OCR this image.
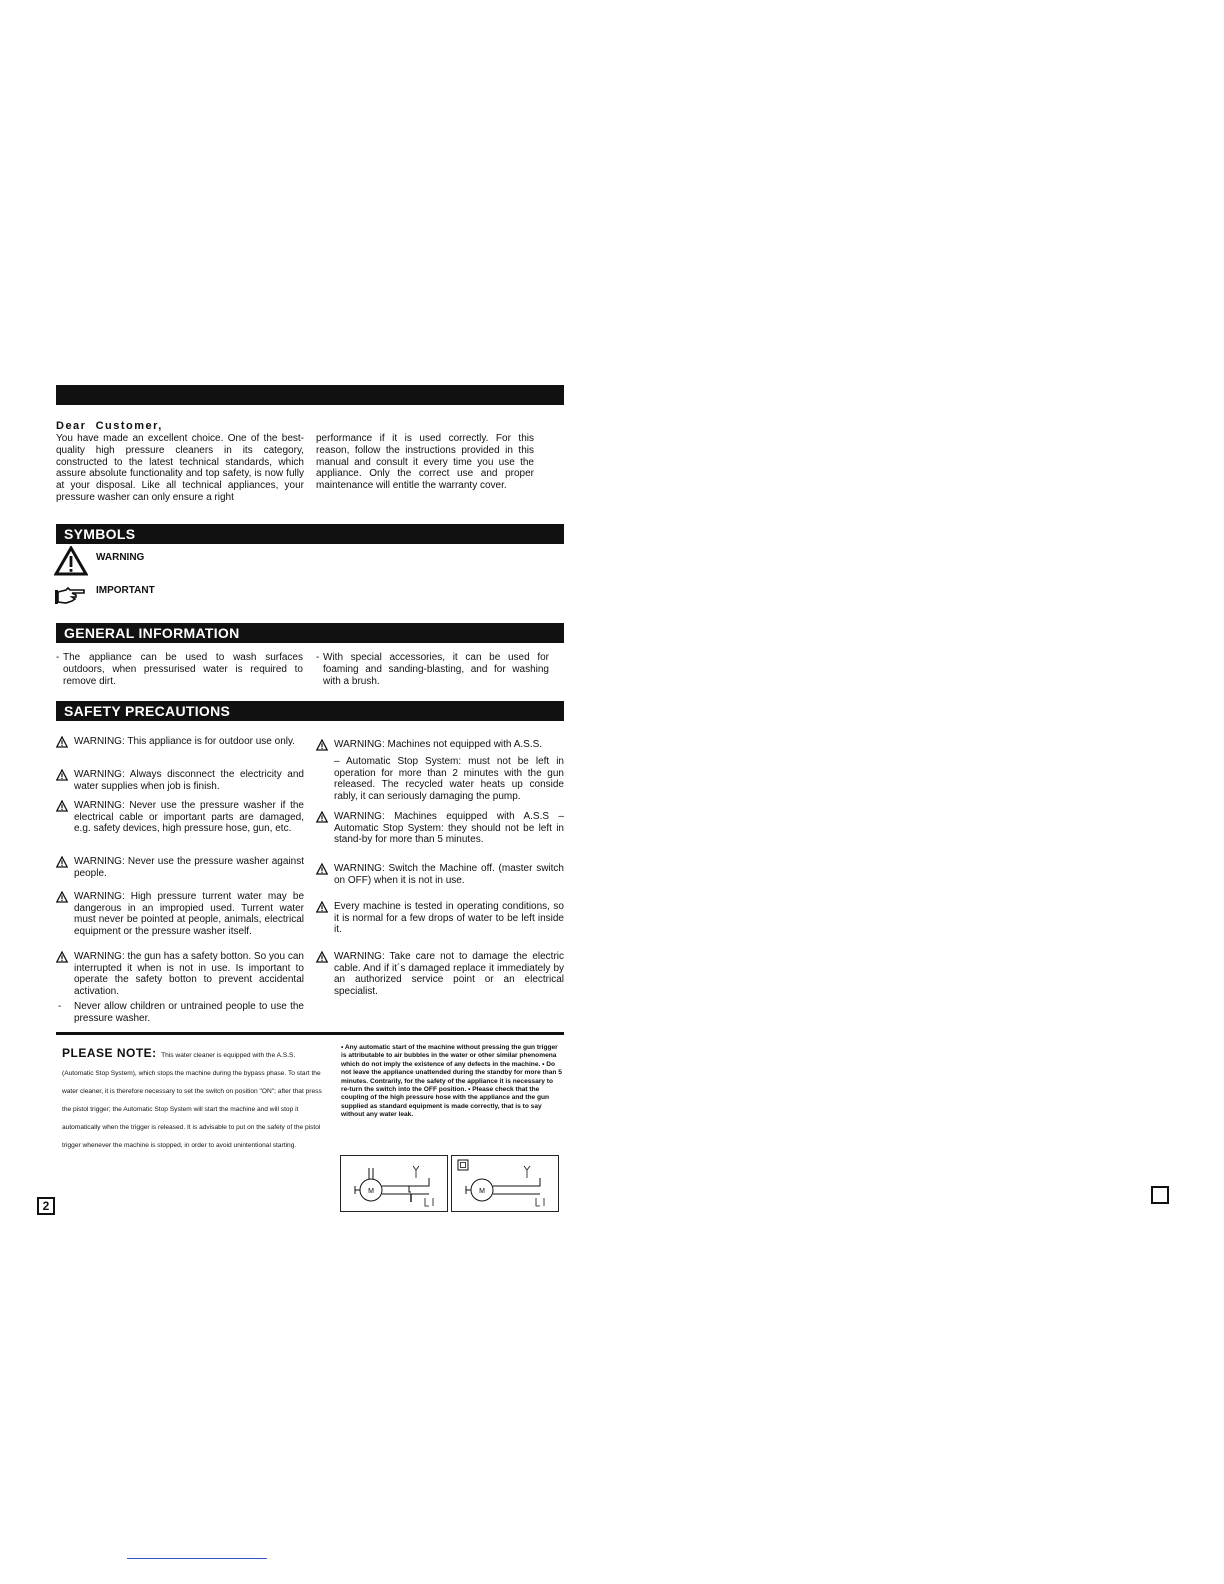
Dear  Customer,
You have made an excellent choice. One of the best-quality high pressure cleaners in its category, constructed to the latest technical standards, which assure absolute functionality and top safety, is now fully at your disposal. Like all technical appliances, your pressure washer can only ensure a right
performance if it is used correctly. For this reason, follow the instructions provided in this manual and consult it every time you use the appliance. Only the correct use and proper maintenance will entitle the warranty cover.
SYMBOLS
WARNING
IMPORTANT
GENERAL INFORMATION
- The appliance can be used to wash surfaces outdoors, when pressurised water is required to remove dirt.
- With special accessories, it can be used for foaming and sanding-blasting, and for washing with a brush.
SAFETY PRECAUTIONS
WARNING: This appliance is for outdoor use only.
WARNING: Always disconnect the electricity and water supplies when job is finish.
WARNING: Never use the pressure washer if the electrical cable or important parts are damaged, e.g. safety devices, high pressure hose, gun, etc.
WARNING: Never use the pressure washer against people.
WARNING: High pressure turrent water may be dangerous in an impropied used. Turrent water must never be pointed at people, animals, electrical equipment or the pressure washer itself.
WARNING: the gun has a safety botton. So you can interrupted it when is not in use. Is important to operate the safety botton to prevent accidental activation.
- Never allow children or untrained people to use the pressure washer.
WARNING: Machines not equipped with A.S.S.
– Automatic Stop System: must not be left in operation for more than 2 minutes with the gun released. The recycled water heats up conside rably, it can seriously damaging the pump.
WARNING: Machines equipped with A.S.S – Automatic Stop System: they should not be left in stand-by for more than 5 minutes.
WARNING: Switch the Machine off. (master switch on OFF) when it is not in use.
Every machine is tested in operating conditions, so it is normal for a few drops of water to be left inside it.
WARNING: Take care not to damage the electric cable. And if it´s damaged replace it immediately by an authorized service point or an electrical specialist.
PLEASE NOTE: This water cleaner is equipped with the A.S.S. (Automatic Stop System), which stops the machine during the bypass phase. To start the water cleaner, it is therefore necessary to set the switch on position "ON"; after that press the pistol trigger; the Automatic Stop System will start the machine and will stop it automatically when the trigger is released. It is advisable to put on the safety of the pistol trigger whenever the machine is stopped, in order to avoid unintentional starting.
• Any automatic start of the machine without pressing the gun trigger is attributable to air bubbles in the water or other similar phenomena which do not imply the existence of any defects in the machine. • Do not leave the appliance unattended during the standby for more than 5 minutes. Contrarily, for the safety of the appliance it is necessary to re-turn the switch into the OFF position. • Please check that the coupling of the high pressure hose with the appliance and the gun supplied as standard equipment is made correctly, that is to say without any water leak.
M	M
2
